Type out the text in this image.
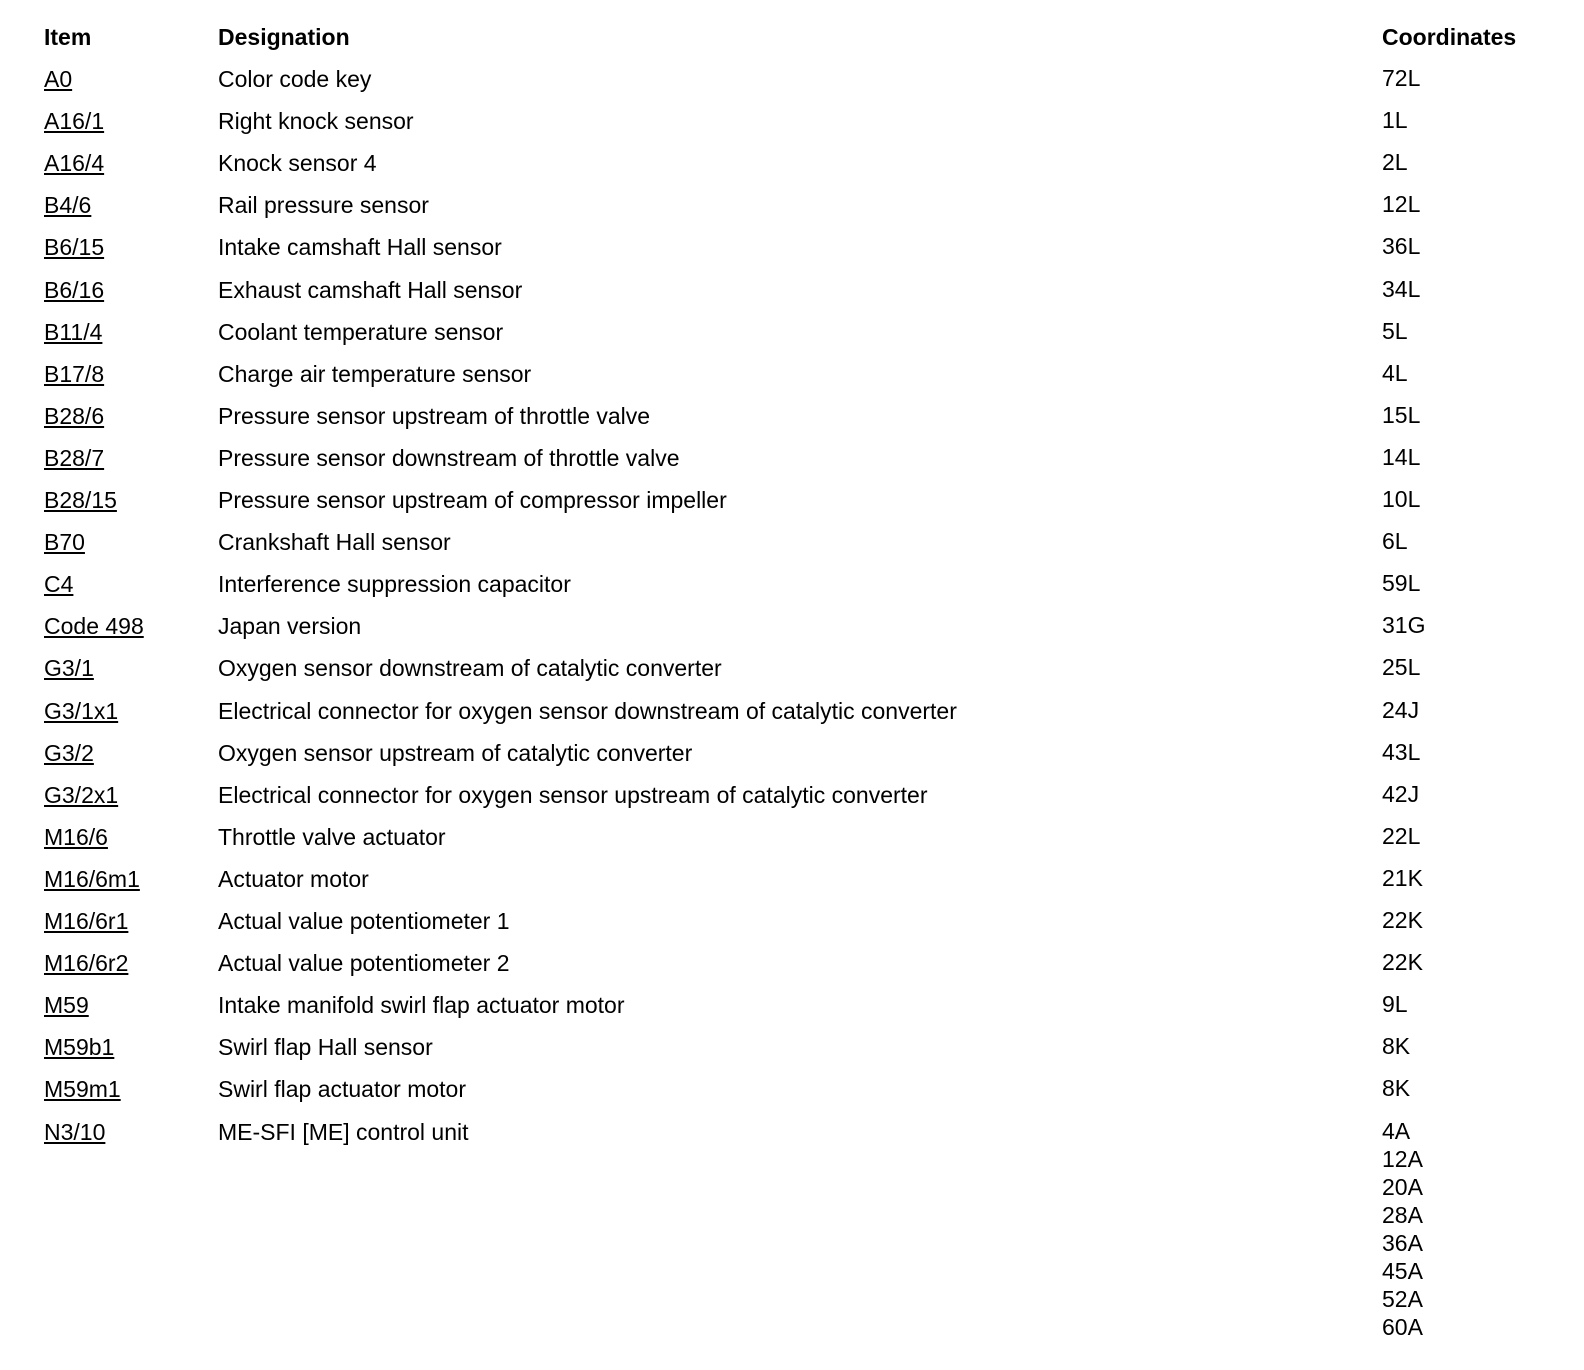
Item	Designation	Coordinates
A0	Color code key	72L
A16/1	Right knock sensor	1L
A16/4	Knock sensor 4	2L
B4/6	Rail pressure sensor	12L
B6/15	Intake camshaft Hall sensor	36L
B6/16	Exhaust camshaft Hall sensor	34L
B11/4	Coolant temperature sensor	5L
B17/8	Charge air temperature sensor	4L
B28/6	Pressure sensor upstream of throttle valve	15L
B28/7	Pressure sensor downstream of throttle valve	14L
B28/15	Pressure sensor upstream of compressor impeller	10L
B70	Crankshaft Hall sensor	6L
C4	Interference suppression capacitor	59L
Code 498	Japan version	31G
G3/1	Oxygen sensor downstream of catalytic converter	25L
G3/1x1	Electrical connector for oxygen sensor downstream of catalytic converter	24J
G3/2	Oxygen sensor upstream of catalytic converter	43L
G3/2x1	Electrical connector for oxygen sensor upstream of catalytic converter	42J
M16/6	Throttle valve actuator	22L
M16/6m1	Actuator motor	21K
M16/6r1	Actual value potentiometer 1	22K
M16/6r2	Actual value potentiometer 2	22K
M59	Intake manifold swirl flap actuator motor	9L
M59b1	Swirl flap Hall sensor	8K
M59m1	Swirl flap actuator motor	8K
N3/10	ME-SFI [ME] control unit	4A
12A
20A
28A
36A
45A
52A
60A
